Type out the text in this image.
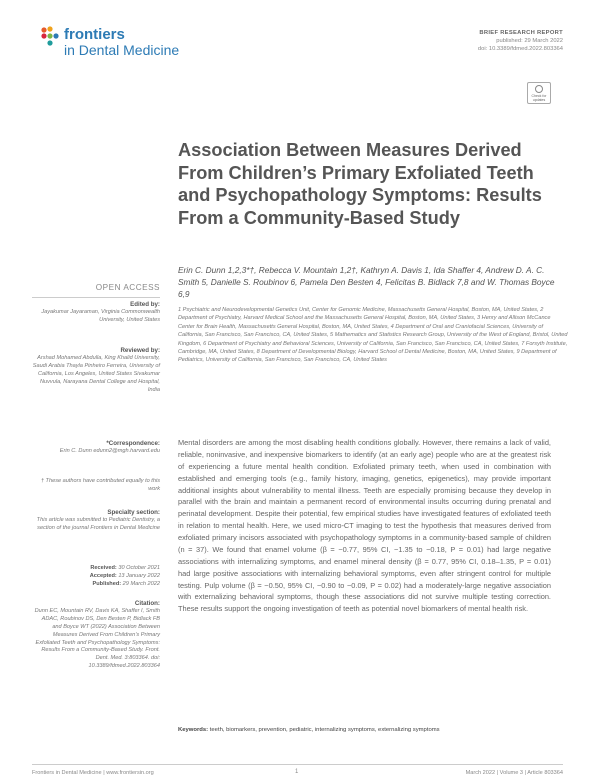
frontiers
in Dental Medicine
BRIEF RESEARCH REPORT
published: 29 March 2022
doi: 10.3389/fdmed.2022.803364
Check for updates
Association Between Measures Derived From Children’s Primary Exfoliated Teeth and Psychopathology Symptoms: Results From a Community-Based Study
Erin C. Dunn 1,2,3*†, Rebecca V. Mountain 1,2†, Kathryn A. Davis 1, Ida Shaffer 4, Andrew D. A. C. Smith 5, Danielle S. Roubinov 6, Pamela Den Besten 4, Felicitas B. Bidlack 7,8 and W. Thomas Boyce 6,9
1 Psychiatric and Neurodevelopmental Genetics Unit, Center for Genomic Medicine, Massachusetts General Hospital, Boston, MA, United States, 2 Department of Psychiatry, Harvard Medical School and the Massachusetts General Hospital, Boston, MA, United States, 3 Henry and Allison McCance Center for Brain Health, Massachusetts General Hospital, Boston, MA, United States, 4 Department of Oral and Craniofacial Sciences, University of California, San Francisco, San Francisco, CA, United States, 5 Mathematics and Statistics Research Group, University of the West of England, Bristol, United Kingdom, 6 Department of Psychiatry and Behavioral Sciences, University of California, San Francisco, San Francisco, CA, United States, 7 Forsyth Institute, Cambridge, MA, United States, 8 Department of Developmental Biology, Harvard School of Dental Medicine, Boston, MA, United States, 9 Department of Pediatrics, University of California, San Francisco, San Francisco, CA, United States
OPEN ACCESS
Edited by:
Jayakumar Jayaraman, Virginia Commonwealth University, United States
Reviewed by:
Arshad Mohamed Abdulla, King Khalid University, Saudi Arabia Thayla Pinheiro Ferreira, University of California, Los Angeles, United States Sivakumar Nuvvula, Narayana Dental College and Hospital, India
*Correspondence:
Erin C. Dunn edunn2@mgh.harvard.edu
† These authors have contributed equally to this work
Specialty section:
This article was submitted to Pediatric Dentistry, a section of the journal Frontiers in Dental Medicine
Received: 30 October 2021
Accepted: 13 January 2022
Published: 29 March 2022
Citation:
Dunn EC, Mountain RV, Davis KA, Shaffer I, Smith ADAC, Roubinov DS, Den Besten P, Bidlack FB and Boyce WT (2022) Association Between Measures Derived From Children’s Primary Exfoliated Teeth and Psychopathology Symptoms: Results From a Community-Based Study. Front. Dent. Med. 3:803364. doi: 10.3389/fdmed.2022.803364
Mental disorders are among the most disabling health conditions globally. However, there remains a lack of valid, reliable, noninvasive, and inexpensive biomarkers to identify (at an early age) people who are at the greatest risk of experiencing a future mental health condition. Exfoliated primary teeth, when used in combination with established and emerging tools (e.g., family history, imaging, genetics, epigenetics), may provide important additional insights about vulnerability to mental illness. Teeth are especially promising because they develop in parallel with the brain and maintain a permanent record of environmental insults occurring during prenatal and perinatal development. Despite their potential, few empirical studies have investigated features of exfoliated teeth in relation to mental health. Here, we used micro-CT imaging to test the hypothesis that measures derived from exfoliated primary incisors associated with psychopathology symptoms in a community-based sample of children (n = 37). We found that enamel volume (β = −0.77, 95% CI, −1.35 to −0.18, P = 0.01) had large negative associations with internalizing symptoms, and enamel mineral density (β = 0.77, 95% CI, 0.18–1.35, P = 0.01) had large positive associations with internalizing behavioral symptoms, even after stringent control for multiple testing. Pulp volume (β = −0.50, 95% CI, −0.90 to −0.09, P = 0.02) had a moderately-large negative association with externalizing behavioral symptoms, though these associations did not survive multiple testing correction. These results support the ongoing investigation of teeth as potential novel biomarkers of mental health risk.
Keywords: teeth, biomarkers, prevention, pediatric, internalizing symptoms, externalizing symptoms
Frontiers in Dental Medicine | www.frontiersin.org	1	March 2022 | Volume 3 | Article 803364
